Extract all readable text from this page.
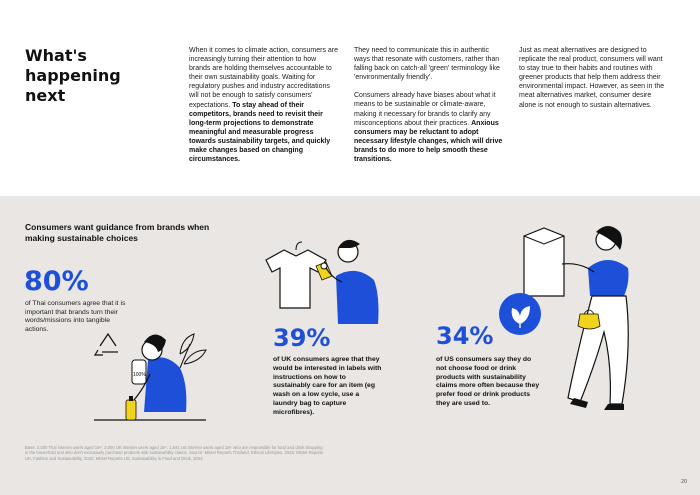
What's
happening
next

When it comes to climate action, consumers are increasingly turning their attention to how brands are holding themselves accountable to their own sustainability goals. Waiting for regulatory pushes and industry accreditations will not be enough to satisfy consumers' expectations. To stay ahead of their competitors, brands need to revisit their long-term projections to demonstrate meaningful and measurable progress towards sustainability targets, and quickly make changes based on changing circumstances.

They need to communicate this in authentic ways that resonate with customers, rather than falling back on catch-all 'green' terminology like 'environmentally friendly'.

Consumers already have biases about what it means to be sustainable or climate-aware, making it necessary for brands to clarify any misconceptions about their practices. Anxious consumers may be reluctant to adopt necessary lifestyle changes, which will drive brands to do more to help smooth these transitions.

Just as meat alternatives are designed to replicate the real product, consumers will want to stay true to their habits and routines with greener products that help them address their environmental impact. However, as seen in the meat alternatives market, consumer desire alone is not enough to sustain alternatives.

Consumers want guidance from brands when making sustainable choices
80%
of Thai consumers agree that it is important that brands turn their words/missions into tangible actions.
100%
39%
of UK consumers agree that they would be interested in labels with instructions on how to sustainably care for an item (eg wash on a low cycle, use a laundry bag to capture microfibres).
34%
of US consumers say they do not choose food or drink products with sustainability claims more often because they prefer food or drink products they are used to.
Base: 2,000 Thai internet users aged 18+; 2,000 UK internet users aged 16+; 1,641 US internet users aged 18+ who are responsible for food and drink shopping in the household and who don't exclusively purchase products with sustainability claims. Source: Mintel Reports Thailand, Ethical Lifestyles, 2023; Mintel Reports UK, Fashion and Sustainability, 2022; Mintel Reports US, Sustainability in Food and Drink, 2023
20
